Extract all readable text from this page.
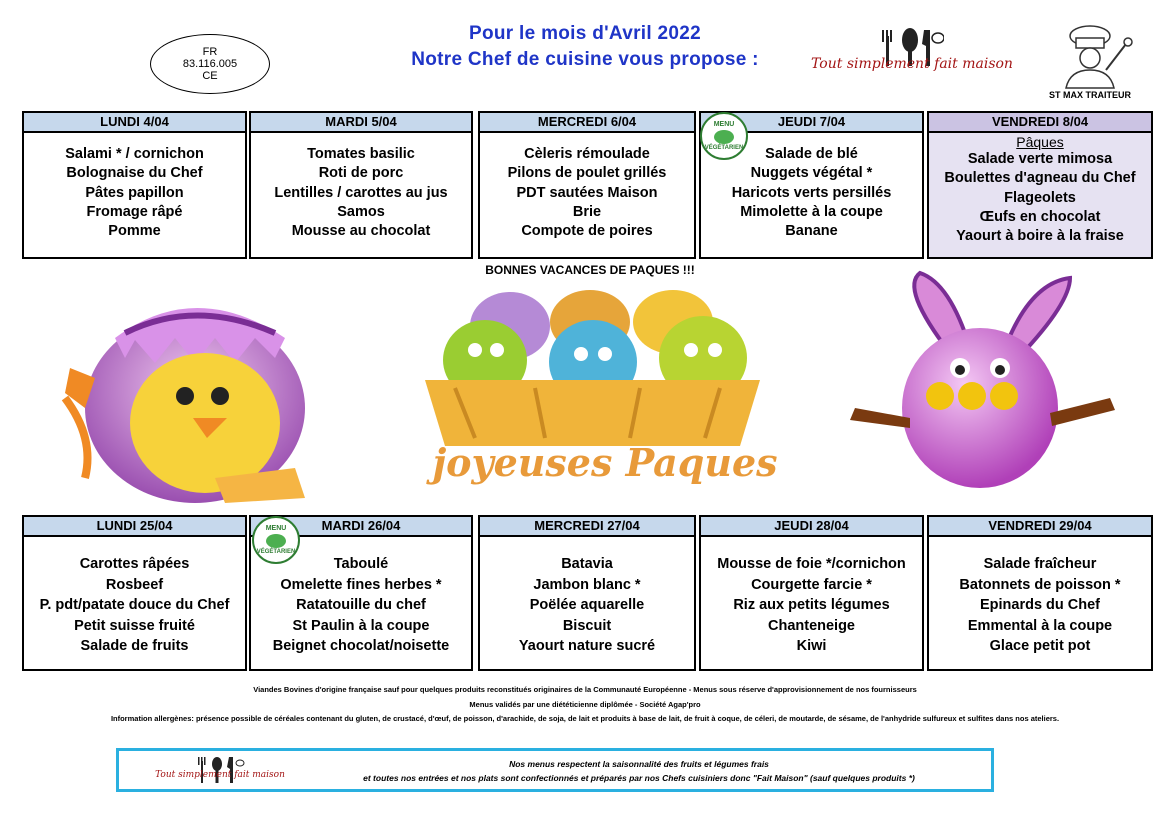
FR
83.116.005
CE
Pour le mois d'Avril 2022
Notre Chef de cuisine vous propose :	Tout simplement fait maison
ST MAX TRAITEUR
LUNDI 4/04
Salami * / cornichon
Bolognaise du Chef
Pâtes papillon
Fromage râpé
Pomme
MARDI 5/04
Tomates basilic
Roti de porc
Lentilles / carottes au jus
Samos
Mousse au chocolat
MERCREDI 6/04
Cèleris rémoulade
Pilons de poulet grillés
PDT sautées Maison
Brie
Compote de poires
JEUDI 7/04
Salade de blé
Nuggets végétal *
Haricots verts persillés
Mimolette à la coupe
Banane
VENDREDI 8/04
Pâques
Salade verte mimosa
Boulettes d'agneau du Chef
Flageolets
Œufs en chocolat
Yaourt à boire à la fraise
MENU
VÉGÉTARIEN
BONNES VACANCES DE PAQUES !!!
joyeuses Paques
LUNDI 25/04
Carottes râpées
Rosbeef
P. pdt/patate douce du Chef
Petit suisse fruité
Salade de fruits
MARDI 26/04
Taboulé
Omelette fines herbes *
Ratatouille du chef
St Paulin à la coupe
Beignet chocolat/noisette
MERCREDI 27/04
Batavia
Jambon blanc *
Poëlée aquarelle
Biscuit
Yaourt nature sucré
JEUDI 28/04
Mousse de foie */cornichon
Courgette farcie *
Riz aux petits légumes
Chanteneige
Kiwi
VENDREDI 29/04
Salade fraîcheur
Batonnets de poisson *
Epinards du Chef
Emmental à la coupe
Glace petit pot
MENU
VÉGÉTARIEN
Viandes Bovines d'origine française sauf pour quelques produits reconstitués originaires de la Communauté Européenne - Menus sous réserve d'approvisionnement de nos fournisseurs
Menus validés par une diététicienne diplômée - Société Agap'pro
Information allergènes: présence possible de céréales contenant du gluten, de crustacé, d'œuf, de poisson, d'arachide, de soja, de lait et produits à base de lait, de fruit à coque, de céleri, de moutarde, de sésame, de l'anhydride sulfureux et sulfites dans nos ateliers.
Tout simplement fait maison
Nos menus respectent la saisonnalité des fruits et légumes frais
et toutes nos entrées et nos plats sont confectionnés et préparés par nos Chefs cuisiniers donc "Fait Maison" (sauf quelques produits *)
